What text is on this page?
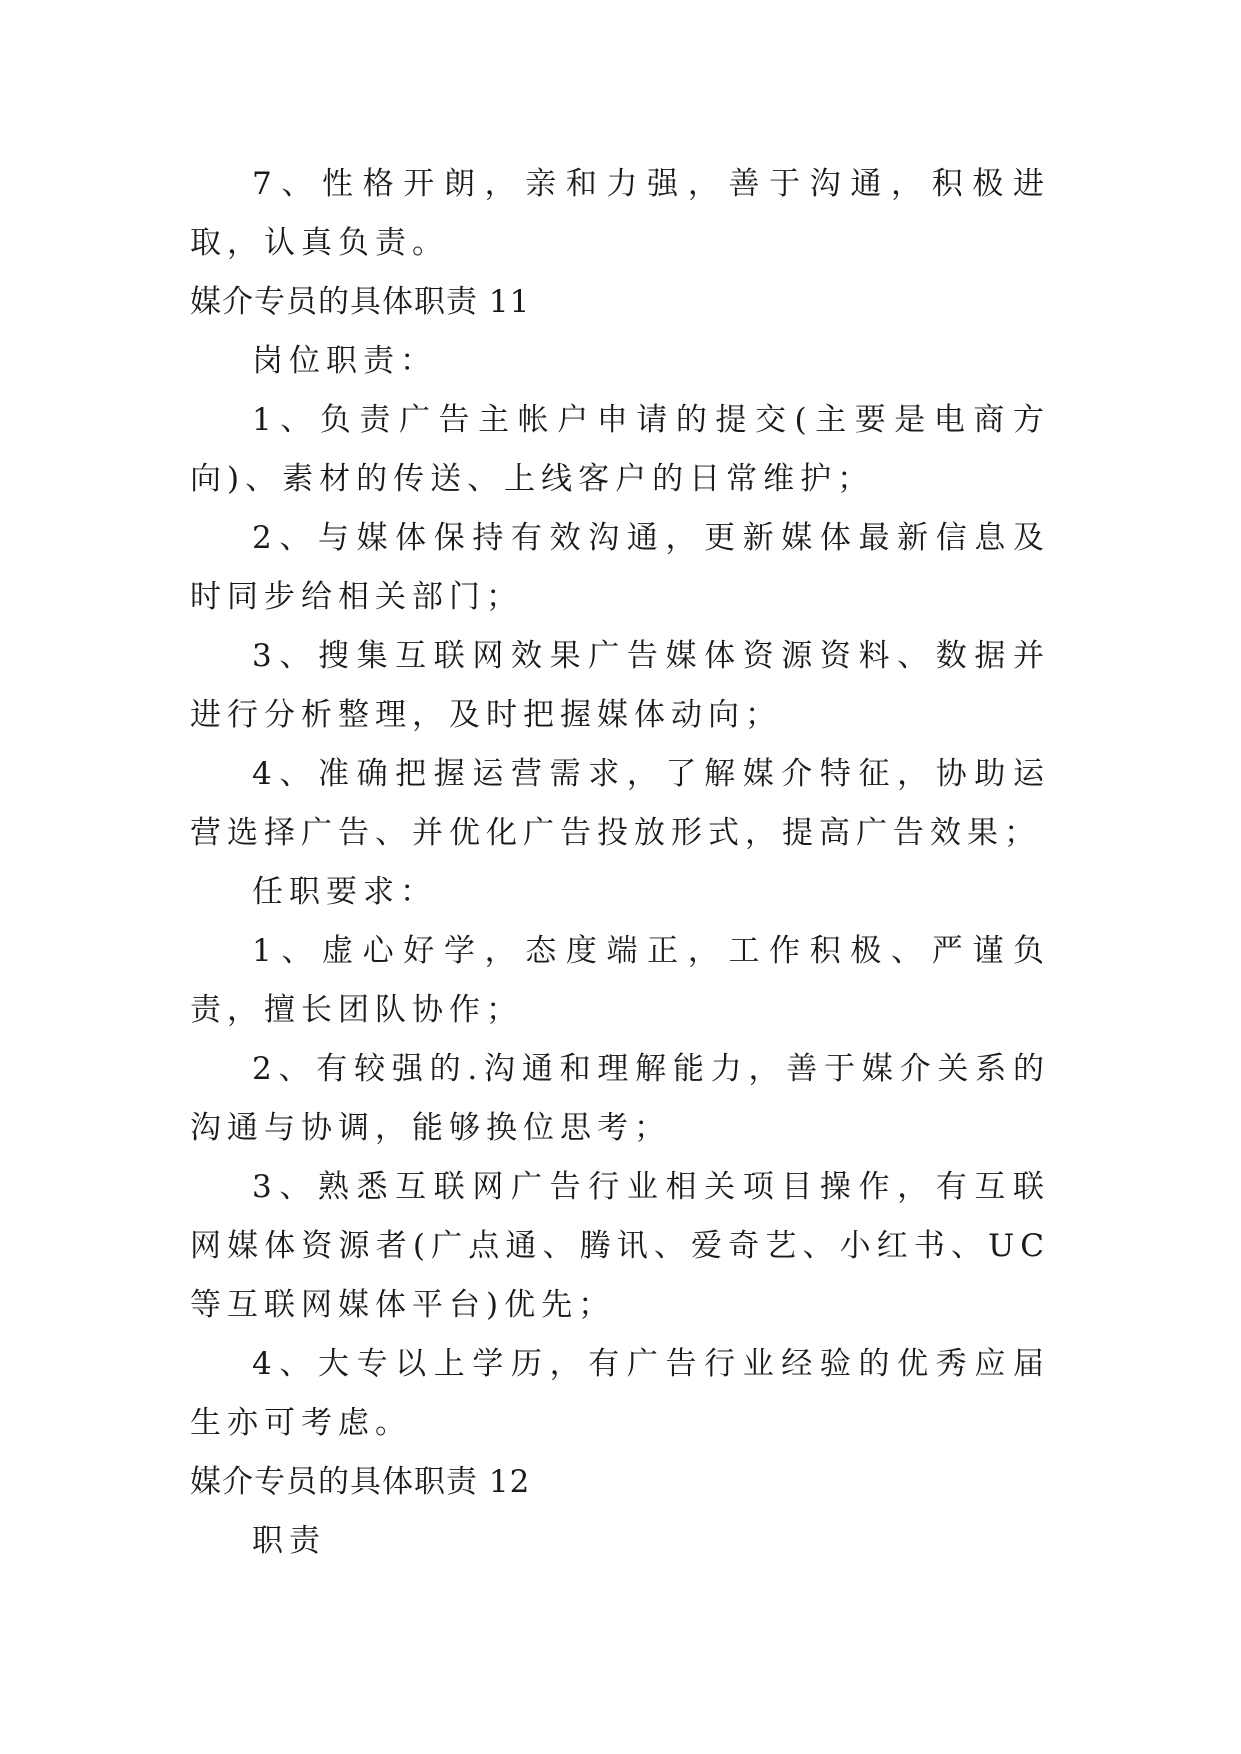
7、性格开朗，亲和力强，善于沟通，积极进取，认真负责。

媒介专员的具体职责 11

岗位职责：

1、负责广告主帐户申请的提交(主要是电商方向)、素材的传送、上线客户的日常维护；

2、与媒体保持有效沟通，更新媒体最新信息及时同步给相关部门；

3、搜集互联网效果广告媒体资源资料、数据并进行分析整理，及时把握媒体动向；

4、准确把握运营需求，了解媒介特征，协助运营选择广告、并优化广告投放形式，提高广告效果；

任职要求：

1、虚心好学，态度端正，工作积极、严谨负责，擅长团队协作；

2、有较强的.沟通和理解能力，善于媒介关系的沟通与协调，能够换位思考；

3、熟悉互联网广告行业相关项目操作，有互联网媒体资源者(广点通、腾讯、爱奇艺、小红书、UC等互联网媒体平台)优先；

4、大专以上学历，有广告行业经验的优秀应届生亦可考虑。

媒介专员的具体职责 12

职责
